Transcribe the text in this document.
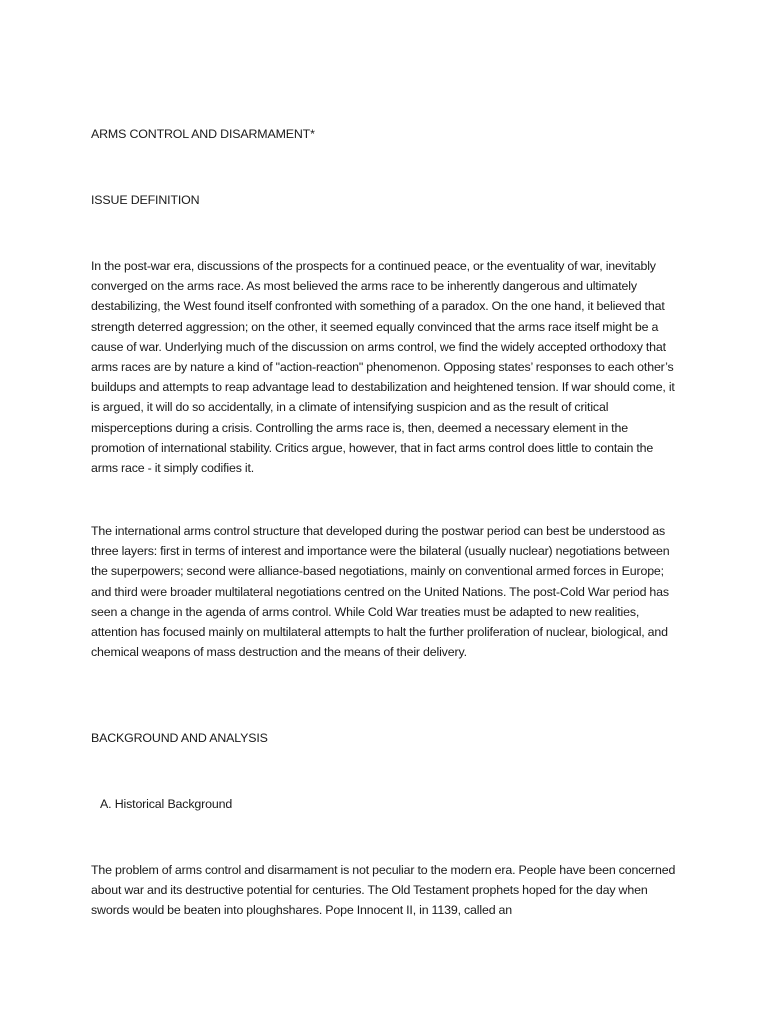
ARMS CONTROL AND DISARMAMENT*
ISSUE DEFINITION

In the post-war era, discussions of the prospects for a continued peace, or the eventuality of war, inevitably converged on the arms race. As most believed the arms race to be inherently dangerous and ultimately destabilizing, the West found itself confronted with something of a paradox. On the one hand, it believed that strength deterred aggression; on the other, it seemed equally convinced that the arms race itself might be a cause of war. Underlying much of the discussion on arms control, we find the widely accepted orthodoxy that arms races are by nature a kind of "action-reaction" phenomenon. Opposing states’ responses to each other’s buildups and attempts to reap advantage lead to destabilization and heightened tension. If war should come, it is argued, it will do so accidentally, in a climate of intensifying suspicion and as the result of critical misperceptions during a crisis. Controlling the arms race is, then, deemed a necessary element in the promotion of international stability. Critics argue, however, that in fact arms control does little to contain the arms race - it simply codifies it.

The international arms control structure that developed during the postwar period can best be understood as three layers: first in terms of interest and importance were the bilateral (usually nuclear) negotiations between the superpowers; second were alliance-based negotiations, mainly on conventional armed forces in Europe; and third were broader multilateral negotiations centred on the United Nations. The post-Cold War period has seen a change in the agenda of arms control. While Cold War treaties must be adapted to new realities, attention has focused mainly on multilateral attempts to halt the further proliferation of nuclear, biological, and chemical weapons of mass destruction and the means of their delivery.

BACKGROUND AND ANALYSIS
A. Historical Background

The problem of arms control and disarmament is not peculiar to the modern era. People have been concerned about war and its destructive potential for centuries. The Old Testament prophets hoped for the day when swords would be beaten into ploughshares. Pope Innocent II, in 1139, called an
